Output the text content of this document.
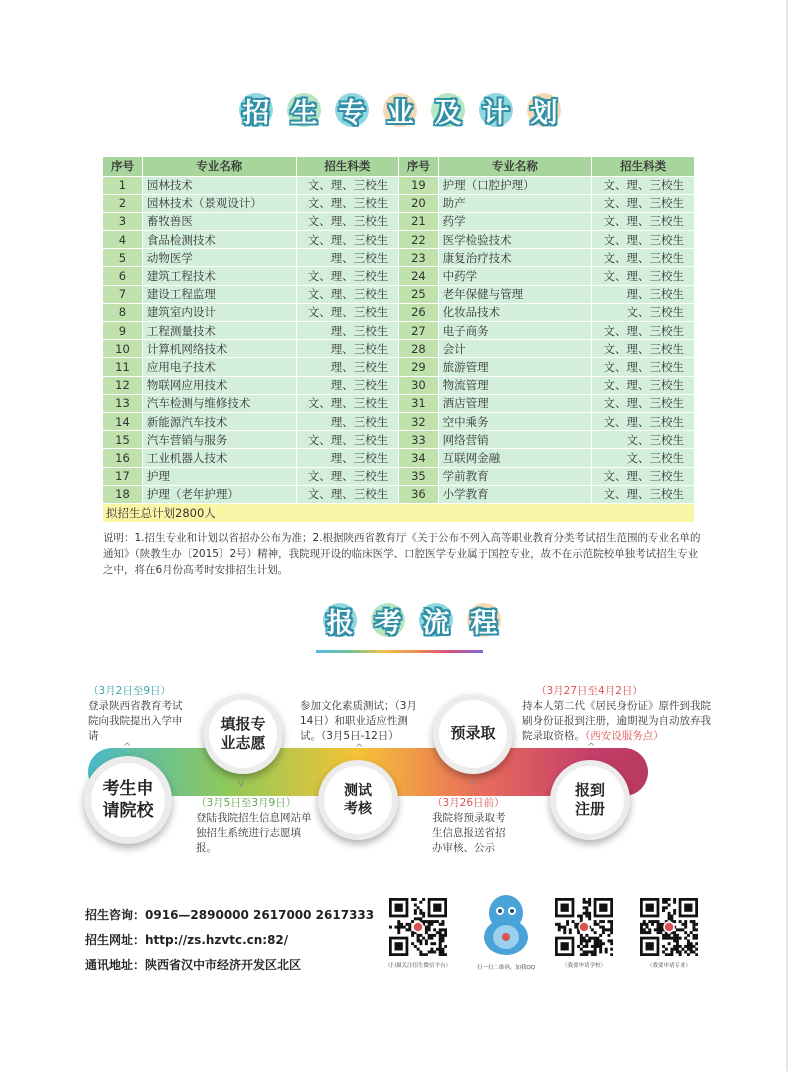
招 生 专 业 及 计 划
序号	专业名称	招生科类	序号	专业名称	招生科类
1	园林技术	文、理、三校生	19	护理（口腔护理）	文、理、三校生
2	园林技术（景观设计）	文、理、三校生	20	助产	文、理、三校生
3	畜牧兽医	文、理、三校生	21	药学	文、理、三校生
4	食品检测技术	文、理、三校生	22	医学检验技术	文、理、三校生
5	动物医学	理、三校生	23	康复治疗技术	文、理、三校生
6	建筑工程技术	文、理、三校生	24	中药学	文、理、三校生
7	建设工程监理	文、理、三校生	25	老年保健与管理	理、三校生
8	建筑室内设计	文、理、三校生	26	化妆品技术	文、三校生
9	工程测量技术	理、三校生	27	电子商务	文、理、三校生
10	计算机网络技术	理、三校生	28	会计	文、理、三校生
11	应用电子技术	理、三校生	29	旅游管理	文、理、三校生
12	物联网应用技术	理、三校生	30	物流管理	文、理、三校生
13	汽车检测与维修技术	文、理、三校生	31	酒店管理	文、理、三校生
14	新能源汽车技术	理、三校生	32	空中乘务	文、理、三校生
15	汽车营销与服务	文、理、三校生	33	网络营销	文、三校生
16	工业机器人技术	理、三校生	34	互联网金融	文、三校生
17	护理	文、理、三校生	35	学前教育	文、理、三校生
18	护理（老年护理）	文、理、三校生	36	小学教育	文、理、三校生
拟招生总计划2800人					
说明：1.招生专业和计划以省招办公布为准；2.根据陕西省教育厅《关于公布不列入高等职业教育分类考试招生范围的专业名单的通知》（陕教生办〔2015〕2号）精神，我院现开设的临床医学、口腔医学专业属于国控专业，故不在示范院校单独考试招生专业之中，将在6月份高考时安排招生计划。
报 考 流 程
考生申请院校
填报专业志愿
测试考核
预录取
报到注册
（3月2日至9日）
登录陕西省教育考试院向我院提出入学申请
^
（3月5日至3月9日）
登陆我院招生信息网站单独招生系统进行志愿填报。
v
参加文化素质测试；（3月14日）和职业适应性测试。（3月5日-12日）
^
（3月26日前）
我院将预录取考生信息报送省招办审核、公示
v
（3月27日至4月2日）
持本人第二代《居民身份证》原件到我院刷身份证报到注册，逾期视为自动放弃我院录取资格。（西安设服务点）
^
招生咨询：0916—2890000 2617000 2617333
招生网址：http://zs.hzvtc.cn:82/
通讯地址：陕西省汉中市经济开发区北区	（扫描关注招生微信平台）	扫一扫二维码，加我QQ	（我要申请学校）	（我要申请专业）
